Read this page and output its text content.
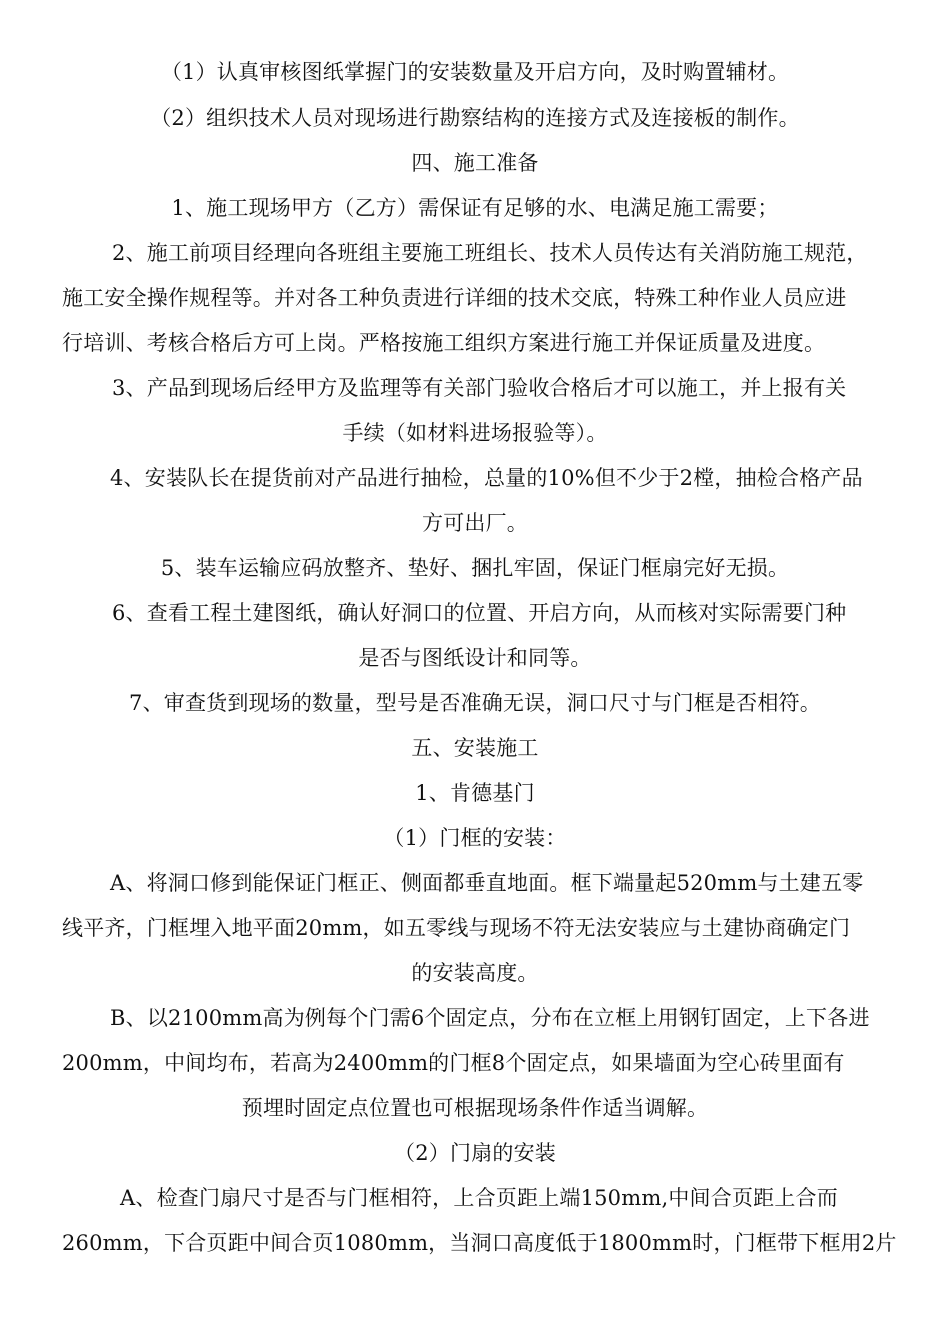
（1）认真审核图纸掌握门的安装数量及开启方向，及时购置辅材。
（2）组织技术人员对现场进行勘察结构的连接方式及连接板的制作。
四、施工准备
1、施工现场甲方（乙方）需保证有足够的水、电满足施工需要；
2、施工前项目经理向各班组主要施工班组长、技术人员传达有关消防施工规范，
施工安全操作规程等。并对各工种负责进行详细的技术交底，特殊工种作业人员应进
行培训、考核合格后方可上岗。严格按施工组织方案进行施工并保证质量及进度。
3、产品到现场后经甲方及监理等有关部门验收合格后才可以施工，并上报有关
手续（如材料进场报验等）。
4、安装队长在提货前对产品进行抽检，总量的10%但不少于2樘，抽检合格产品
方可出厂。
5、装车运输应码放整齐、垫好、捆扎牢固，保证门框扇完好无损。
6、查看工程土建图纸，确认好洞口的位置、开启方向，从而核对实际需要门种
是否与图纸设计和同等。
7、审查货到现场的数量，型号是否准确无误，洞口尺寸与门框是否相符。
五、安装施工
1、肯德基门
（1）门框的安装：
A、将洞口修到能保证门框正、侧面都垂直地面。框下端量起520mm与土建五零
线平齐，门框埋入地平面20mm，如五零线与现场不符无法安装应与土建协商确定门
的安装高度。
B、以2100mm高为例每个门需6个固定点，分布在立框上用钢钉固定，上下各进
200mm，中间均布，若高为2400mm的门框8个固定点，如果墙面为空心砖里面有
预埋时固定点位置也可根据现场条件作适当调解。
（2）门扇的安装
A、检查门扇尺寸是否与门框相符，上合页距上端150mm,中间合页距上合而
260mm，下合页距中间合页1080mm，当洞口高度低于1800mm时，门框带下框用2片
